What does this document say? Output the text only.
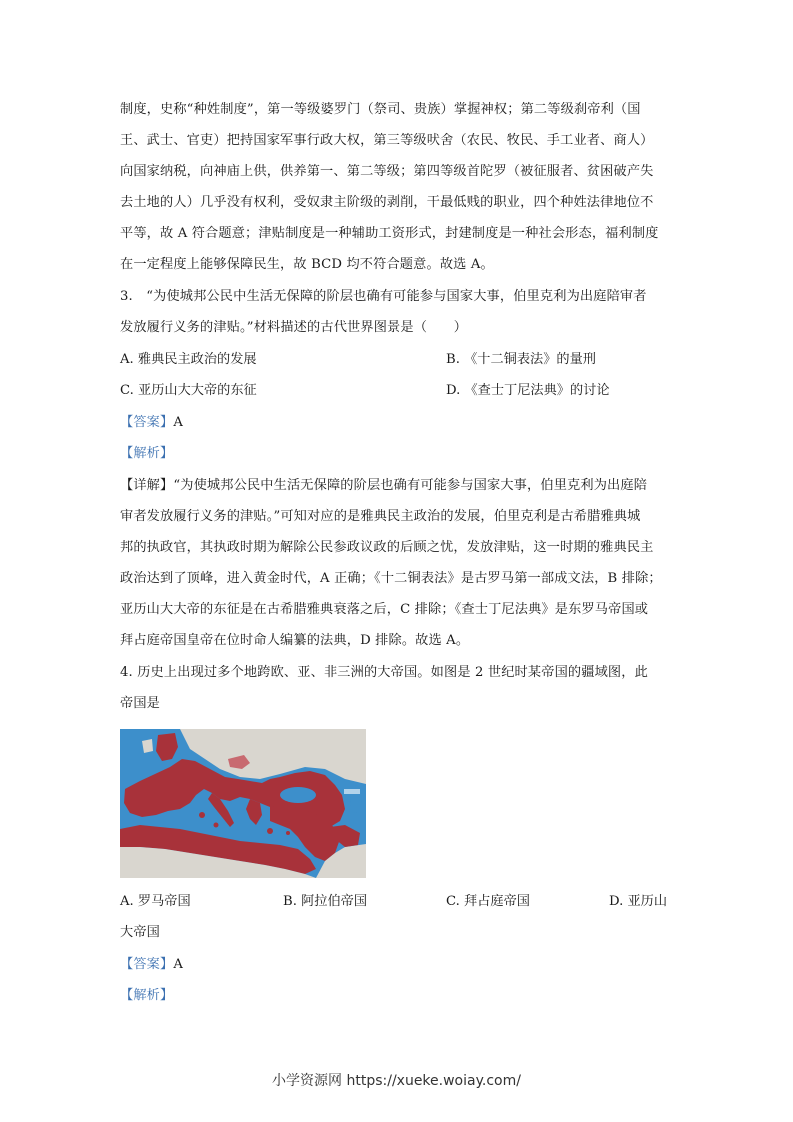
制度，史称“种姓制度”，第一等级婆罗门（祭司、贵族）掌握神权；第二等级刹帝利（国
王、武士、官吏）把持国家军事行政大权，第三等级吠舍（农民、牧民、手工业者、商人）
向国家纳税，向神庙上供，供养第一、第二等级；第四等级首陀罗（被征服者、贫困破产失
去土地的人）几乎没有权利，受奴隶主阶级的剥削，干最低贱的职业，四个种姓法律地位不
平等，故 A 符合题意；津贴制度是一种辅助工资形式，封建制度是一种社会形态，福利制度
在一定程度上能够保障民生，故 BCD 均不符合题意。故选 A。
3.　“为使城邦公民中生活无保障的阶层也确有可能参与国家大事，伯里克利为出庭陪审者
发放履行义务的津贴。”材料描述的古代世界图景是（　　）
A. 雅典民主政治的发展	B. 《十二铜表法》的量刑
C. 亚历山大大帝的东征	D. 《查士丁尼法典》的讨论
【答案】A
【解析】
【详解】“为使城邦公民中生活无保障的阶层也确有可能参与国家大事，伯里克利为出庭陪
审者发放履行义务的津贴。”可知对应的是雅典民主政治的发展，伯里克利是古希腊雅典城
邦的执政官，其执政时期为解除公民参政议政的后顾之忧，发放津贴，这一时期的雅典民主
政治达到了顶峰，进入黄金时代，A 正确；《十二铜表法》是古罗马第一部成文法，B 排除；
亚历山大大帝的东征是在古希腊雅典衰落之后，C 排除；《查士丁尼法典》是东罗马帝国或
拜占庭帝国皇帝在位时命人编纂的法典，D 排除。故选 A。
4. 历史上出现过多个地跨欧、亚、非三洲的大帝国。如图是 2 世纪时某帝国的疆域图，此
帝国是
A. 罗马帝国	B. 阿拉伯帝国	C. 拜占庭帝国	D. 亚历山
大帝国
【答案】A
【解析】
小学资源网 https://xueke.woiay.com/
